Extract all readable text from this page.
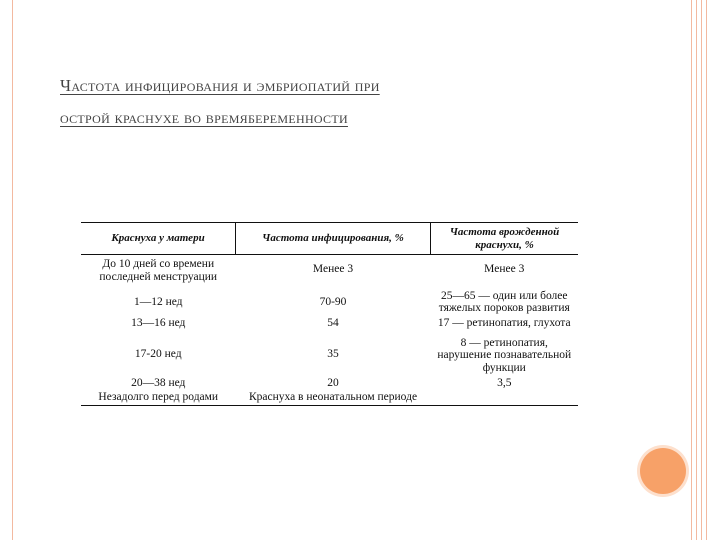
Частота инфицирования и эмбриопатий при
острой краснухе во времябеременности
Краснуха у матери	Частота инфицирования, %	Частота врожденной краснухи, %
До 10 дней со времени последней менструации	Менее 3	Менее 3
1—12 нед	70-90	25—65 — один или более тяжелых пороков развития
13—16 нед	54	17 — ретинопатия, глухота
17-20 нед	35	8 — ретинопатия, нарушение познавательной функции
20—38 нед	20	3,5
Незадолго перед родами	Краснуха в неонатальном периоде	
